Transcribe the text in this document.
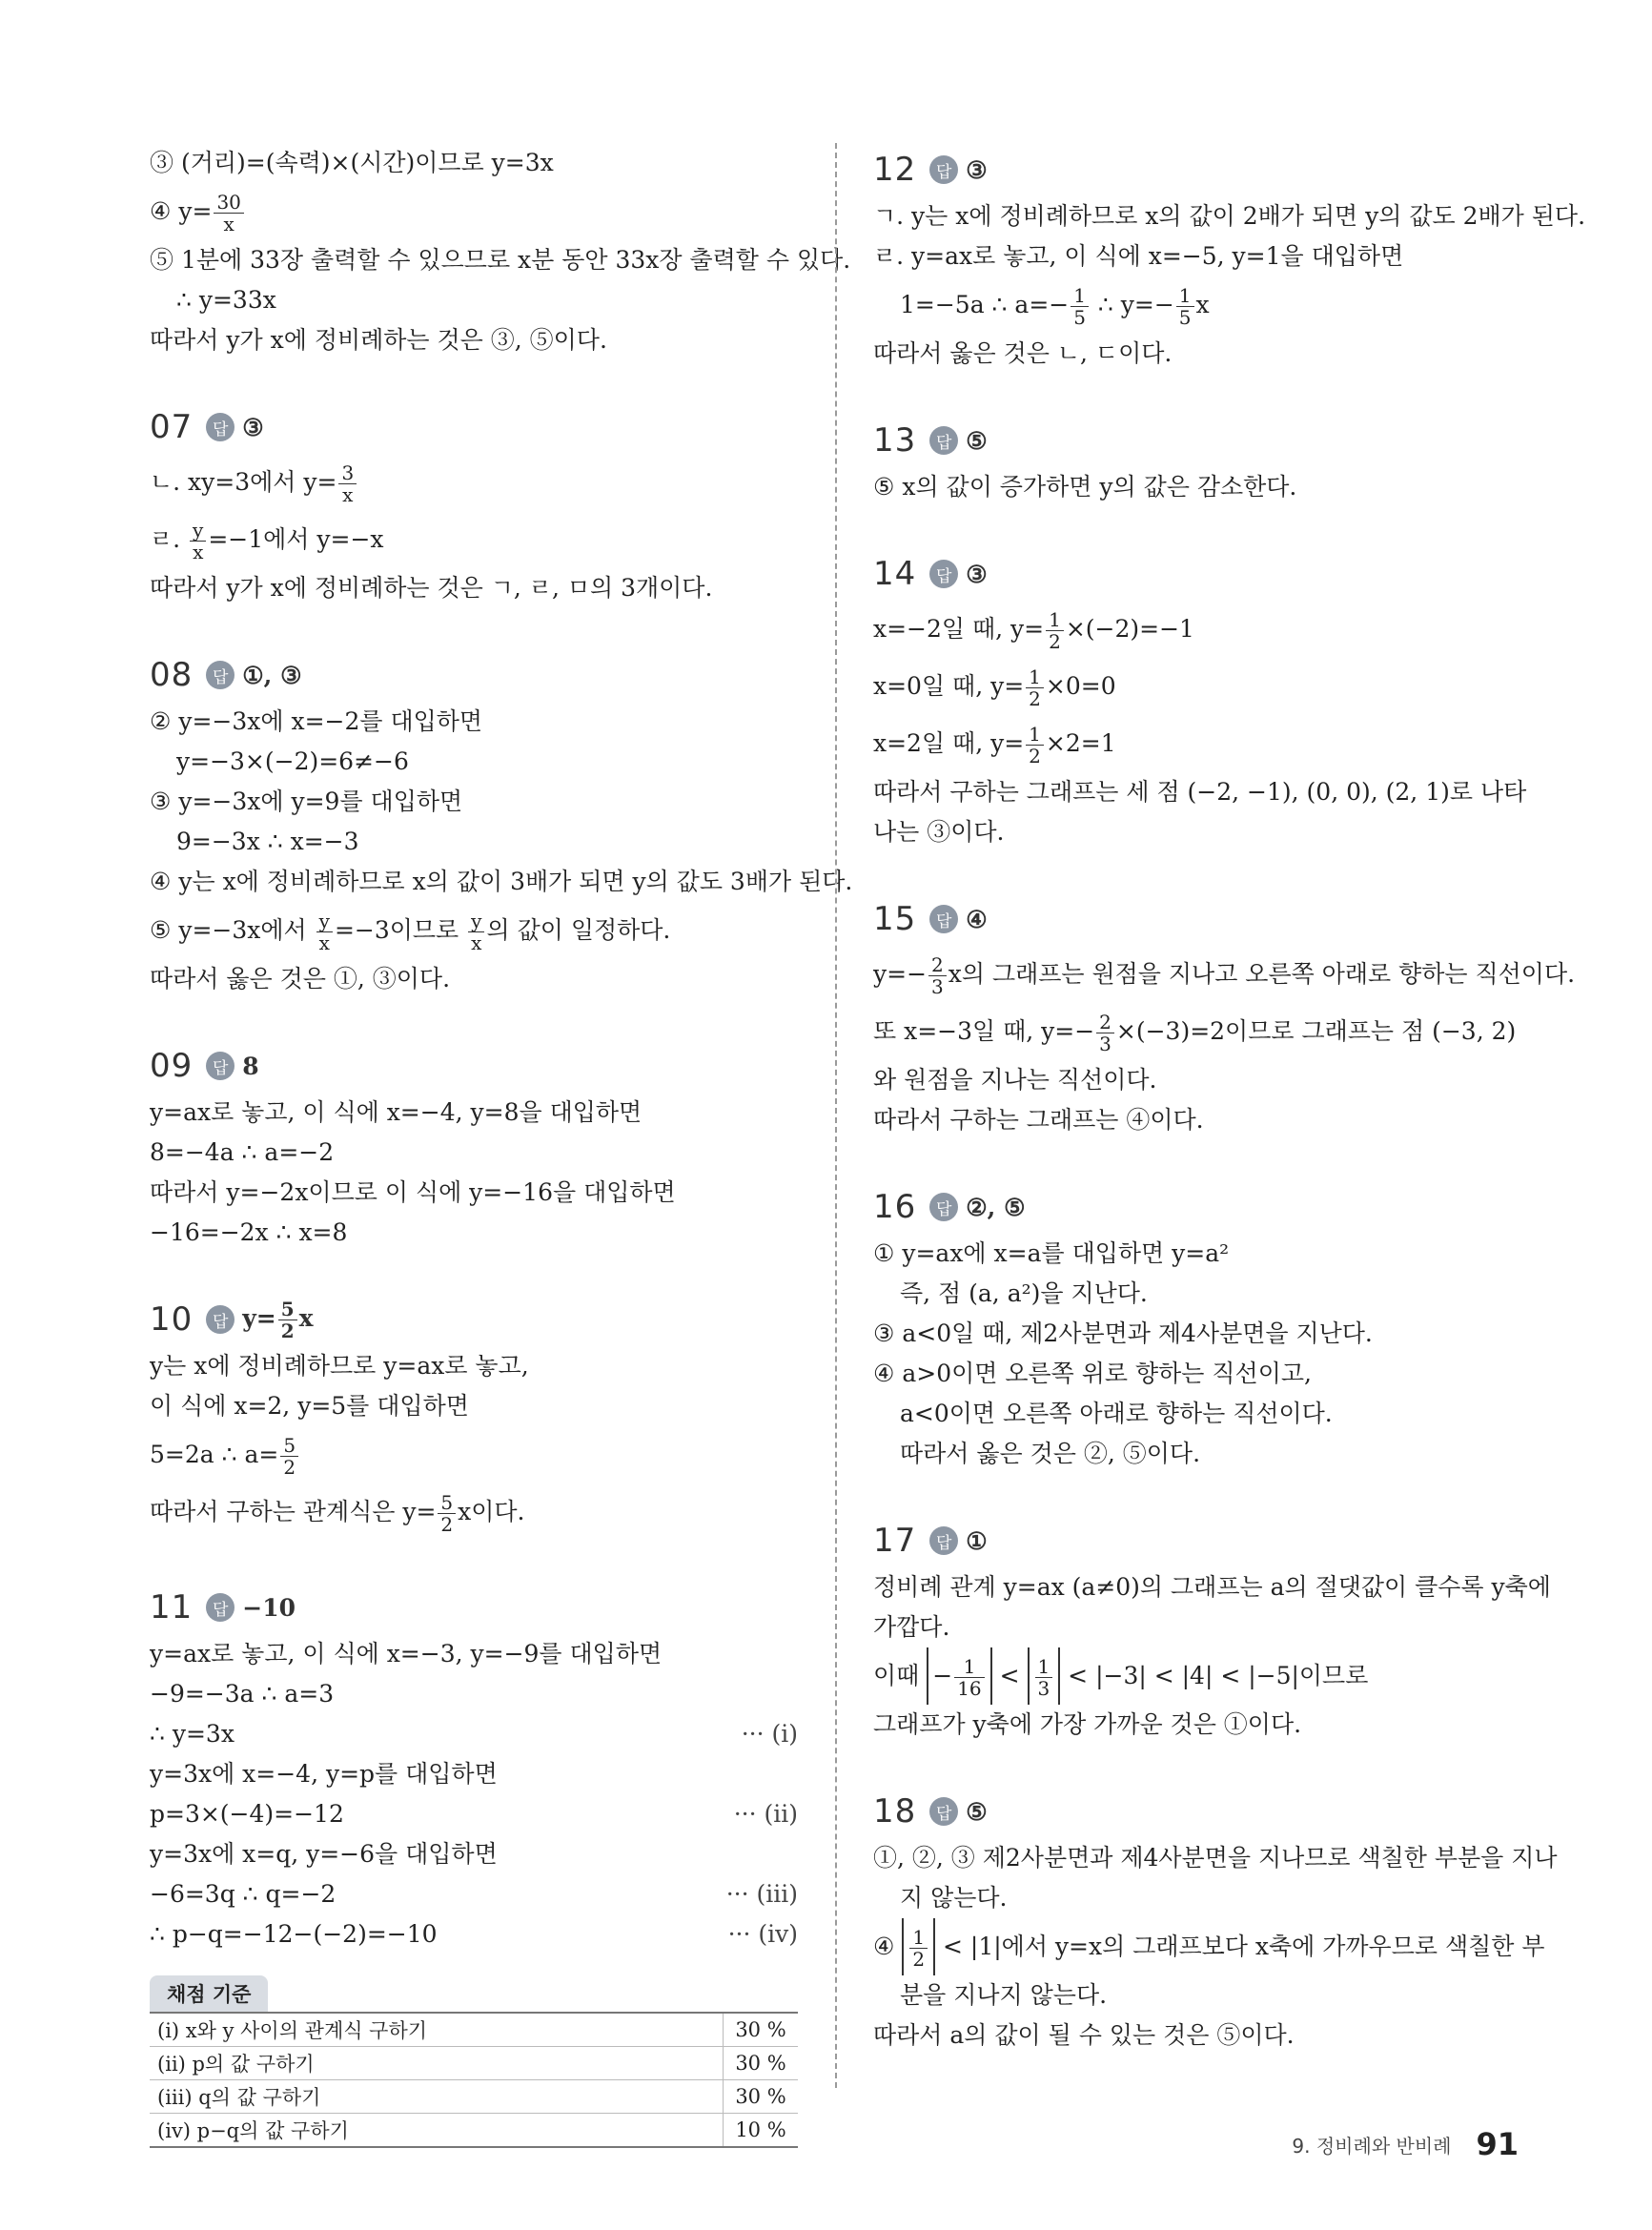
③ (거리)=(속력)×(시간)이므로 y=3x
④ $y= \frac{30}{x}$
⑤ 1분에 33장 출력할 수 있으므로 x분 동안 33x장 출력할 수 있다.
∴ y=33x
따라서 y가 x에 정비례하는 것은 ③, ⑤이다.
07	답 ③
ㄴ. xy=3에서 $y= \frac{3}{x}$
ㄹ. $\frac{y}{x} =-1$에서 y=−x
따라서 y가 x에 정비례하는 것은 ㄱ, ㄹ, ㅁ의 3개이다.
08	답 ①, ③
② y=−3x에 x=−2를 대입하면
y=−3×(−2)=6≠−6
③ y=−3x에 y=9를 대입하면
9=−3x ∴ x=−3
④ y는 x에 정비례하므로 x의 값이 3배가 되면 y의 값도 3배가 된다.
⑤ y=−3x에서 $\frac{y}{x} =-3$이므로 $\frac{y}{x}$ 의 값이 일정하다.
따라서 옳은 것은 ①, ③이다.
09	답 8
y=ax로 놓고, 이 식에 x=−4, y=8을 대입하면
8=−4a ∴ a=−2
따라서 y=−2x이므로 이 식에 y=−16을 대입하면
−16=−2x ∴ x=8
10	답 $y= \frac{5}{2}$ x
y는 x에 정비례하므로 y=ax로 놓고,
이 식에 x=2, y=5를 대입하면
5=2a ∴ $a= \frac{5}{2}$
따라서 구하는 관계식은 $y= \frac{5}{2}$ x이다.
11	답 −10
y=ax로 놓고, 이 식에 x=−3, y=−9를 대입하면
−9=−3a ∴ a=3
∴ y=3x	··· (ⅰ)
y=3x에 x=−4, y=p를 대입하면
p=3×(−4)=−12	··· (ⅱ)
y=3x에 x=q, y=−6을 대입하면
−6=3q ∴ q=−2	··· (ⅲ)
∴ p−q=−12−(−2)=−10	··· (ⅳ)
채점 기준
(ⅰ) x와 y 사이의 관계식 구하기	30 %
(ⅱ) p의 값 구하기	30 %
(ⅲ) q의 값 구하기	30 %
(ⅳ) p−q의 값 구하기	10 %
12	답 ③
ㄱ. y는 x에 정비례하므로 x의 값이 2배가 되면 y의 값도 2배가 된다.
ㄹ. y=ax로 놓고, 이 식에 x=−5, y=1을 대입하면
1=−5a ∴ $a=- \frac{1}{5}$ ∴ $y=- \frac{1}{5}$ x
따라서 옳은 것은 ㄴ, ㄷ이다.
13	답 ⑤
⑤ x의 값이 증가하면 y의 값은 감소한다.
14	답 ③
x=−2일 때, $y= \frac{1}{2} \times(-2)=-1$
x=0일 때, $y= \frac{1}{2} \times 0=0$
x=2일 때, $y= \frac{1}{2} \times 2=1$
따라서 구하는 그래프는 세 점 (−2, −1), (0, 0), (2, 1)로 나타
나는 ③이다.
15	답 ④
$y=- \frac{2}{3}$ x의 그래프는 원점을 지나고 오른쪽 아래로 향하는 직선이다.
또 x=−3일 때, $y=- \frac{2}{3} \times(-3)=2$이므로 그래프는 점 (−3, 2)
와 원점을 지나는 직선이다.
따라서 구하는 그래프는 ④이다.
16	답 ②, ⑤
① y=ax에 x=a를 대입하면 y=a²
즉, 점 (a, a²)을 지난다.
③ a<0일 때, 제2사분면과 제4사분면을 지난다.
④ a>0이면 오른쪽 위로 향하는 직선이고,
a<0이면 오른쪽 아래로 향하는 직선이다.
따라서 옳은 것은 ②, ⑤이다.
17	답 ①
정비례 관계 y=ax (a≠0)의 그래프는 a의 절댓값이 클수록 y축에
가깝다.
이때 − $\frac{1}{16} < \frac{1}{3} < |-3| < |4| < |-5|$이므로
그래프가 y축에 가장 가까운 것은 ①이다.
18	답 ⑤
①, ②, ③ 제2사분면과 제4사분면을 지나므로 색칠한 부분을 지나
지 않는다.
④ $\frac{1}{2} < |1|$에서 y=x의 그래프보다 x축에 가까우므로 색칠한 부
분을 지나지 않는다.
따라서 a의 값이 될 수 있는 것은 ⑤이다.
9. 정비례와 반비례 91
